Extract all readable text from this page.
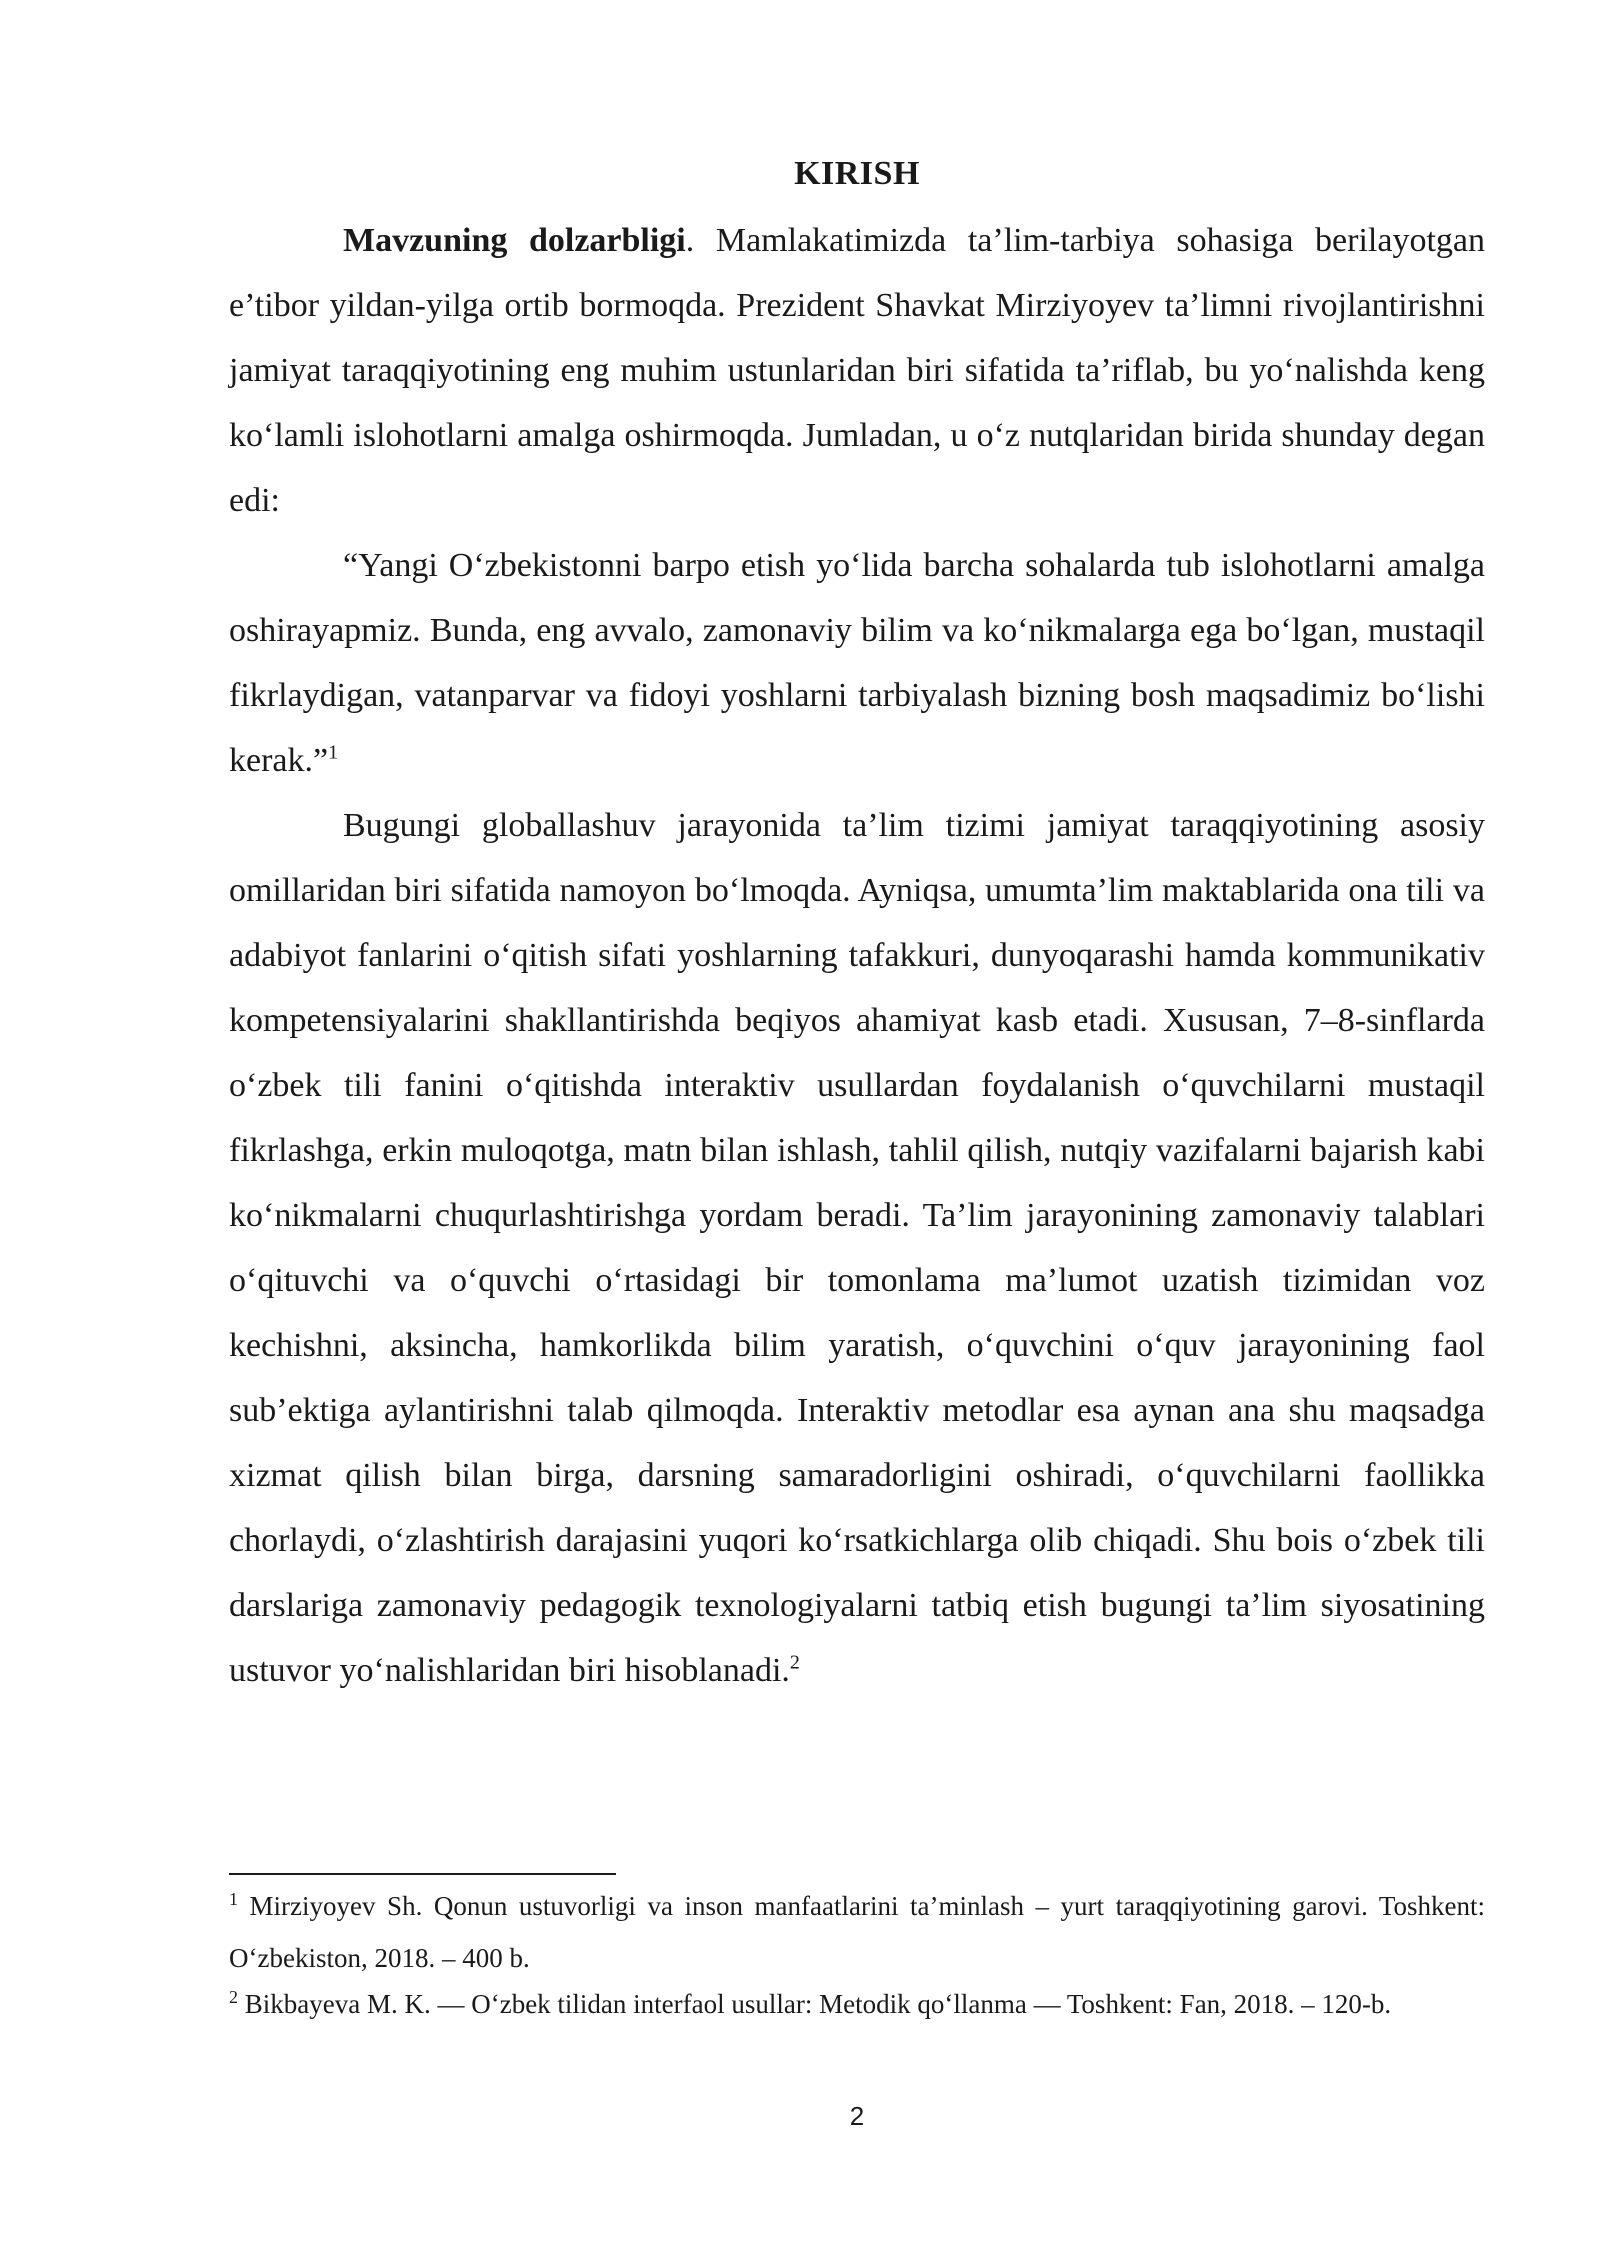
KIRISH

Mavzuning dolzarbligi. Mamlakatimizda ta’lim-tarbiya sohasiga berilayotgan e’tibor yildan-yilga ortib bormoqda. Prezident Shavkat Mirziyoyev ta’limni rivojlantirishni jamiyat taraqqiyotining eng muhim ustunlaridan biri sifatida ta’riflab, bu yo‘nalishda keng ko‘lamli islohotlarni amalga oshirmoqda. Jumladan, u o‘z nutqlaridan birida shunday degan edi:

“Yangi O‘zbekistonni barpo etish yo‘lida barcha sohalarda tub islohotlarni amalga oshirayapmiz. Bunda, eng avvalo, zamonaviy bilim va ko‘nikmalarga ega bo‘lgan, mustaqil fikrlaydigan, vatanparvar va fidoyi yoshlarni tarbiyalash bizning bosh maqsadimiz bo‘lishi kerak.”$^1$

Bugungi globallashuv jarayonida ta’lim tizimi jamiyat taraqqiyotining asosiy omillaridan biri sifatida namoyon bo‘lmoqda. Ayniqsa, umumta’lim maktablarida ona tili va adabiyot fanlarini o‘qitish sifati yoshlarning tafakkuri, dunyoqarashi hamda kommunikativ kompetensiyalarini shakllantirishda beqiyos ahamiyat kasb etadi. Xususan, 7–8-sinflarda o‘zbek tili fanini o‘qitishda interaktiv usullardan foydalanish o‘quvchilarni mustaqil fikrlashga, erkin muloqotga, matn bilan ishlash, tahlil qilish, nutqiy vazifalarni bajarish kabi ko‘nikmalarni chuqurlashtirishga yordam beradi. Ta’lim jarayonining zamonaviy talablari o‘qituvchi va o‘quvchi o‘rtasidagi bir tomonlama ma’lumot uzatish tizimidan voz kechishni, aksincha, hamkorlikda bilim yaratish, o‘quvchini o‘quv jarayonining faol sub’ektiga aylantirishni talab qilmoqda. Interaktiv metodlar esa aynan ana shu maqsadga xizmat qilish bilan birga, darsning samaradorligini oshiradi, o‘quvchilarni faollikka chorlaydi, o‘zlashtirish darajasini yuqori ko‘rsatkichlarga olib chiqadi. Shu bois o‘zbek tili darslariga zamonaviy pedagogik texnologiyalarni tatbiq etish bugungi ta’lim siyosatining ustuvor yo‘nalishlaridan biri hisoblanadi.$^2$

$^1$ Mirziyoyev Sh. Qonun ustuvorligi va inson manfaatlarini ta’minlash – yurt taraqqiyotining garovi. Toshkent: O‘zbekiston, 2018. – 400 b.

$^2$ Bikbayeva M. K. — O‘zbek tilidan interfaol usullar: Metodik qo‘llanma — Toshkent: Fan, 2018. – 120-b.

2
